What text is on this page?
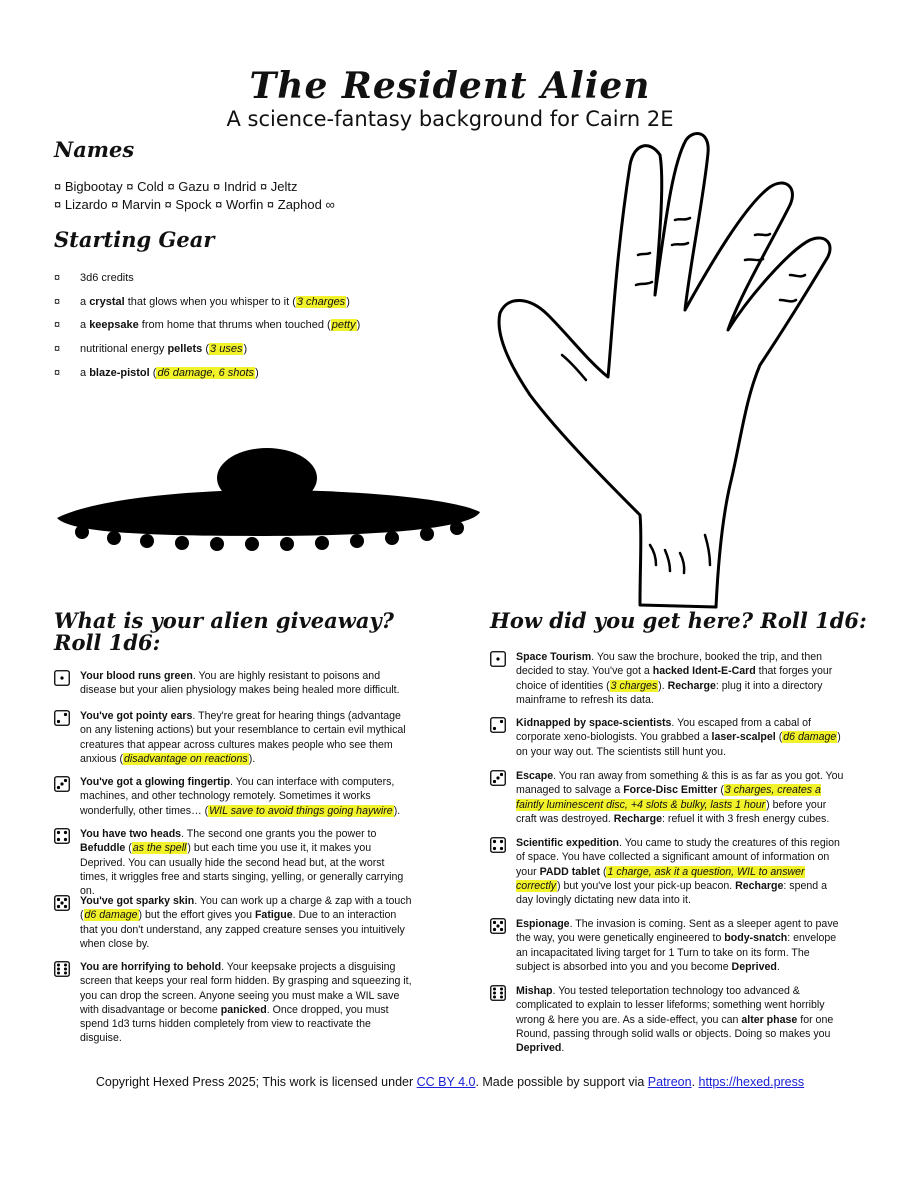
The Resident Alien
A science-fantasy background for Cairn 2E
Names
¤ Bigbootay ¤ Cold ¤ Gazu ¤ Indrid ¤ Jeltz
¤ Lizardo ¤ Marvin ¤ Spock ¤ Worfin ¤ Zaphod ∞
Starting Gear
¤	3d6 credits
¤	a crystal that glows when you whisper to it (3 charges)
¤	a keepsake from home that thrums when touched (petty)
¤	nutritional energy pellets (3 uses)
¤	a blaze-pistol (d6 damage, 6 shots)
What is your alien giveaway?
Roll 1d6:
Your blood runs green. You are highly resistant to poisons and disease but your alien physiology makes being healed more difficult.
You've got pointy ears. They're great for hearing things (advantage on any listening actions) but your resemblance to certain evil mythical creatures that appear across cultures makes people who see them anxious (disadvantage on reactions).
You've got a glowing fingertip. You can interface with computers, machines, and other technology remotely. Sometimes it works wonderfully, other times… (WIL save to avoid things going haywire).
You have two heads. The second one grants you the power to Befuddle (as the spell) but each time you use it, it makes you Deprived. You can usually hide the second head but, at the worst times, it wriggles free and starts singing, yelling, or generally carrying on.
You've got sparky skin. You can work up a charge & zap with a touch (d6 damage) but the effort gives you Fatigue. Due to an interaction that you don't understand, any zapped creature senses you intuitively when close by.
You are horrifying to behold. Your keepsake projects a disguising screen that keeps your real form hidden. By grasping and squeezing it, you can drop the screen. Anyone seeing you must make a WIL save with disadvantage or become panicked. Once dropped, you must spend 1d3 turns hidden completely from view to reactivate the disguise.
How did you get here? Roll 1d6:
Space Tourism. You saw the brochure, booked the trip, and then decided to stay. You've got a hacked Ident-E-Card that forges your choice of identities (3 charges). Recharge: plug it into a directory mainframe to refresh its data.
Kidnapped by space-scientists. You escaped from a cabal of corporate xeno-biologists. You grabbed a laser-scalpel (d6 damage) on your way out. The scientists still hunt you.
Escape. You ran away from something & this is as far as you got. You managed to salvage a Force-Disc Emitter (3 charges, creates a faintly luminescent disc, +4 slots & bulky, lasts 1 hour) before your craft was destroyed. Recharge: refuel it with 3 fresh energy cubes.
Scientific expedition. You came to study the creatures of this region of space. You have collected a significant amount of information on your PADD tablet (1 charge, ask it a question, WIL to answer correctly) but you've lost your pick-up beacon. Recharge: spend a day lovingly dictating new data into it.
Espionage. The invasion is coming. Sent as a sleeper agent to pave the way, you were genetically engineered to body-snatch: envelope an incapacitated living target for 1 Turn to take on its form. The subject is absorbed into you and you become Deprived.
Mishap. You tested teleportation technology too advanced & complicated to explain to lesser lifeforms; something went horribly wrong & here you are. As a side-effect, you can alter phase for one Round, passing through solid walls or objects. Doing so makes you Deprived.
Copyright Hexed Press 2025; This work is licensed under CC BY 4.0. Made possible by support via Patreon. https://hexed.press
